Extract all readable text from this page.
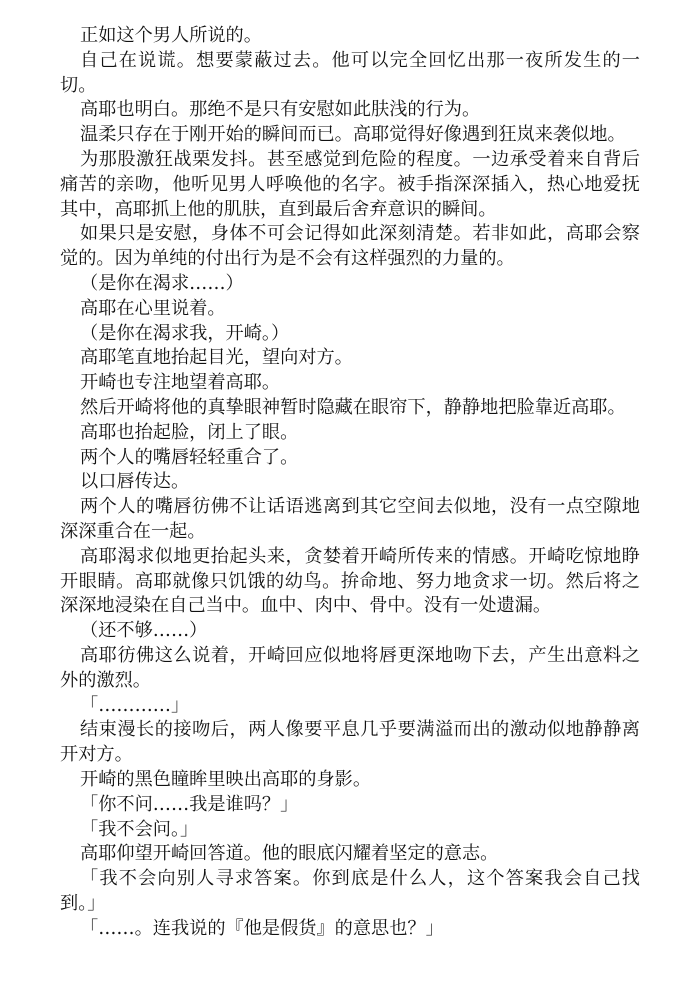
正如这个男人所说的。

自己在说谎。想要蒙蔽过去。他可以完全回忆出那一夜所发生的一切。

高耶也明白。那绝不是只有安慰如此肤浅的行为。

温柔只存在于刚开始的瞬间而已。高耶觉得好像遇到狂岚来袭似地。

为那股激狂战栗发抖。甚至感觉到危险的程度。一边承受着来自背后痛苦的亲吻，他听见男人呼唤他的名字。被手指深深插入，热心地爱抚其中，高耶抓上他的肌肤，直到最后舍弃意识的瞬间。

如果只是安慰，身体不可会记得如此深刻清楚。若非如此，高耶会察觉的。因为单纯的付出行为是不会有这样强烈的力量的。

（是你在渴求……）

高耶在心里说着。

（是你在渴求我，开崎。）

高耶笔直地抬起目光，望向对方。

开崎也专注地望着高耶。

然后开崎将他的真挚眼神暂时隐藏在眼帘下，静静地把脸靠近高耶。

高耶也抬起脸，闭上了眼。

两个人的嘴唇轻轻重合了。

以口唇传达。

两个人的嘴唇彷佛不让话语逃离到其它空间去似地，没有一点空隙地深深重合在一起。

高耶渴求似地更抬起头来，贪婪着开崎所传来的情感。开崎吃惊地睁开眼睛。高耶就像只饥饿的幼鸟。拚命地、努力地贪求一切。然后将之深深地浸染在自己当中。血中、肉中、骨中。没有一处遗漏。

（还不够……）

高耶彷佛这么说着，开崎回应似地将唇更深地吻下去，产生出意料之外的激烈。

「…………」

结束漫长的接吻后，两人像要平息几乎要满溢而出的激动似地静静离开对方。

开崎的黑色瞳眸里映出高耶的身影。

「你不问……我是谁吗？」

「我不会问。」

高耶仰望开崎回答道。他的眼底闪耀着坚定的意志。

「我不会向别人寻求答案。你到底是什么人，这个答案我会自己找到。」

「……。连我说的『他是假货』的意思也？」
